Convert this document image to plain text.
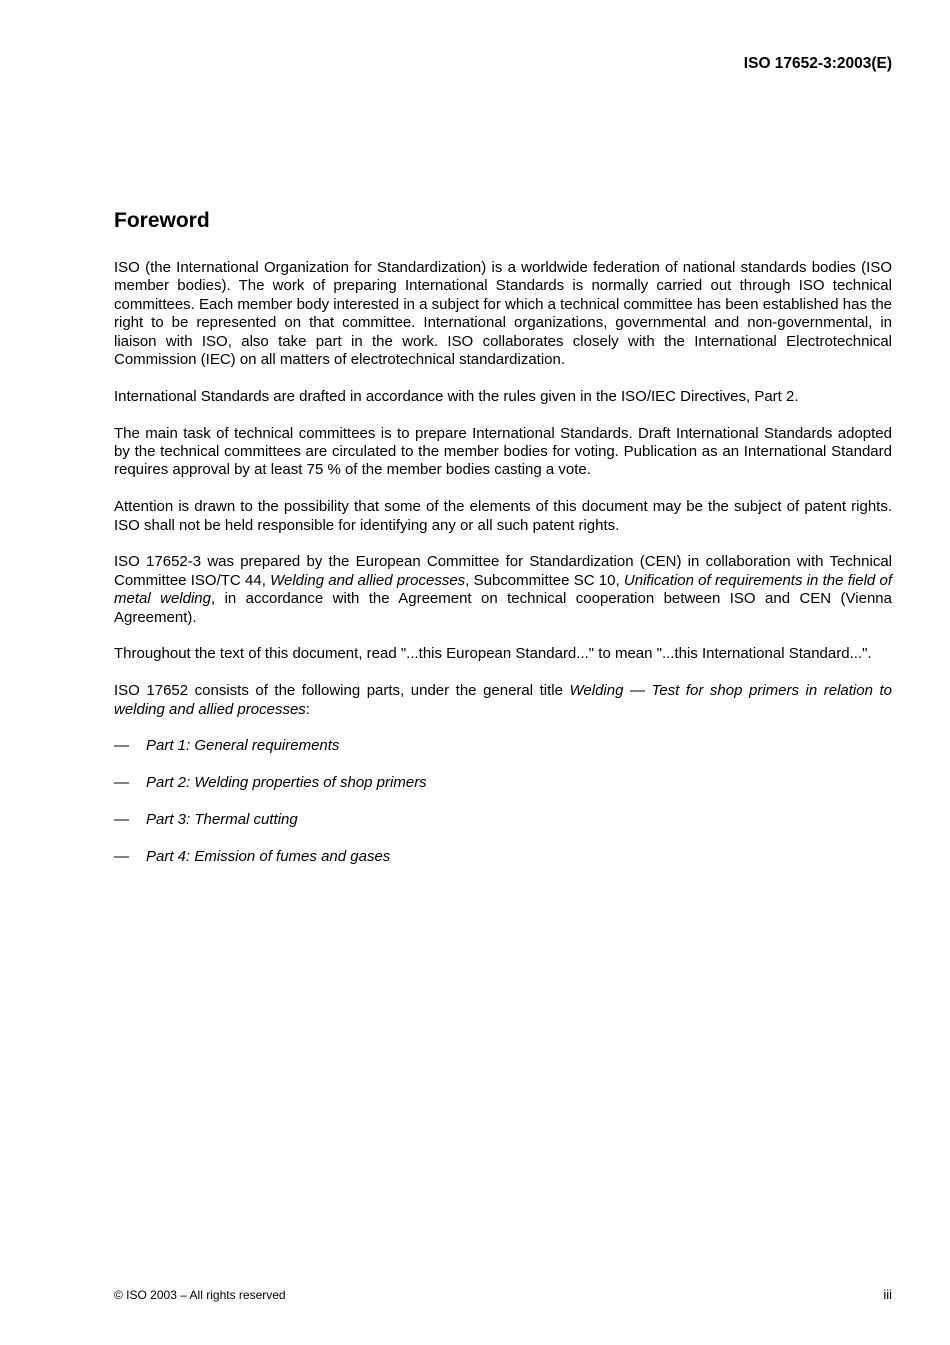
ISO 17652-3:2003(E)

Foreword

ISO (the International Organization for Standardization) is a worldwide federation of national standards bodies (ISO member bodies). The work of preparing International Standards is normally carried out through ISO technical committees. Each member body interested in a subject for which a technical committee has been established has the right to be represented on that committee. International organizations, governmental and non-governmental, in liaison with ISO, also take part in the work. ISO collaborates closely with the International Electrotechnical Commission (IEC) on all matters of electrotechnical standardization.

International Standards are drafted in accordance with the rules given in the ISO/IEC Directives, Part 2.

The main task of technical committees is to prepare International Standards. Draft International Standards adopted by the technical committees are circulated to the member bodies for voting. Publication as an International Standard requires approval by at least 75 % of the member bodies casting a vote.

Attention is drawn to the possibility that some of the elements of this document may be the subject of patent rights. ISO shall not be held responsible for identifying any or all such patent rights.

ISO 17652-3 was prepared by the European Committee for Standardization (CEN) in collaboration with Technical Committee ISO/TC 44, Welding and allied processes, Subcommittee SC 10, Unification of requirements in the field of metal welding, in accordance with the Agreement on technical cooperation between ISO and CEN (Vienna Agreement).

Throughout the text of this document, read "...this European Standard..." to mean "...this International Standard...".

ISO 17652 consists of the following parts, under the general title Welding — Test for shop primers in relation to welding and allied processes:

— Part 1: General requirements
— Part 2: Welding properties of shop primers
— Part 3: Thermal cutting
— Part 4: Emission of fumes and gases

© ISO 2003 – All rights reserved	iii
